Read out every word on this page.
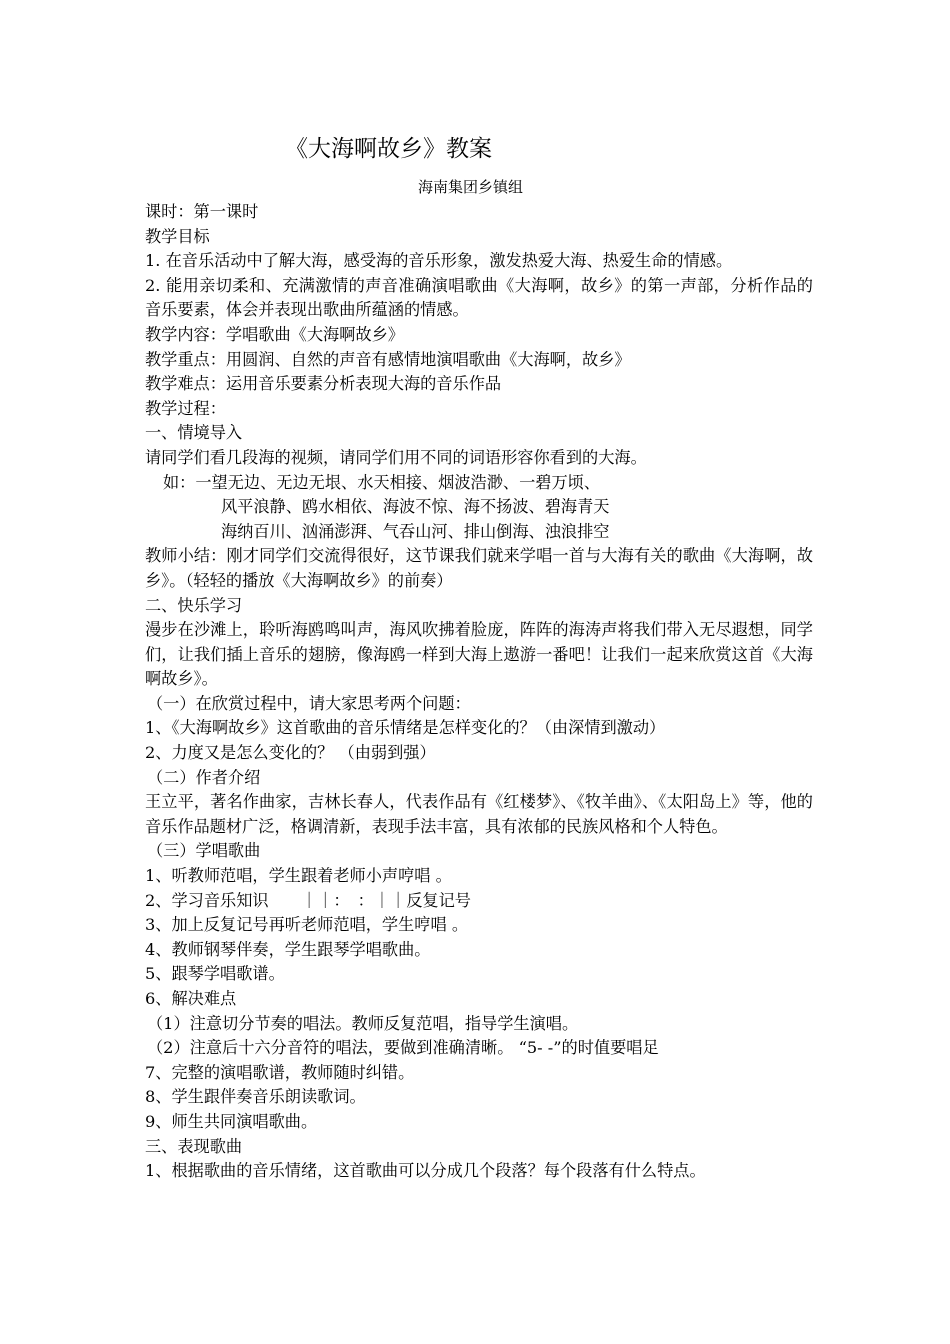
《大海啊故乡》教案
海南集团乡镇组
课时：第一课时
教学目标
1. 在音乐活动中了解大海，感受海的音乐形象，激发热爱大海、热爱生命的情感。
2. 能用亲切柔和、充满激情的声音准确演唱歌曲《大海啊，故乡》的第一声部，分析作品的音乐要素，体会并表现出歌曲所蕴涵的情感。
教学内容：学唱歌曲《大海啊故乡》
教学重点：用圆润、自然的声音有感情地演唱歌曲《大海啊，故乡》
教学难点：运用音乐要素分析表现大海的音乐作品
教学过程：
一、情境导入
请同学们看几段海的视频，请同学们用不同的词语形容你看到的大海。
如：一望无边、无边无垠、水天相接、烟波浩渺、一碧万顷、
风平浪静、鸥水相依、海波不惊、海不扬波、碧海青天
海纳百川、汹涌澎湃、气吞山河、排山倒海、浊浪排空
教师小结：刚才同学们交流得很好，这节课我们就来学唱一首与大海有关的歌曲《大海啊，故乡》。（轻轻的播放《大海啊故乡》的前奏）
二、快乐学习
漫步在沙滩上，聆听海鸥鸣叫声，海风吹拂着脸庞，阵阵的海涛声将我们带入无尽遐想，同学们，让我们插上音乐的翅膀，像海鸥一样到大海上遨游一番吧！让我们一起来欣赏这首《大海啊故乡》。
（一）在欣赏过程中，请大家思考两个问题：
1、《大海啊故乡》这首歌曲的音乐情绪是怎样变化的？（由深情到激动）
2、力度又是怎么变化的？ （由弱到强）
（二）作者介绍
王立平，著名作曲家，吉林长春人，代表作品有《红楼梦》、《牧羊曲》、《太阳岛上》等，他的音乐作品题材广泛，格调清新，表现手法丰富，具有浓郁的民族风格和个人特色。
（三）学唱歌曲
1、听教师范唱，学生跟着老师小声哼唱 。
2、学习音乐知识　　｜｜：　：｜｜反复记号
3、加上反复记号再听老师范唱，学生哼唱 。
4、教师钢琴伴奏，学生跟琴学唱歌曲。
5、跟琴学唱歌谱。
6、解决难点
（1）注意切分节奏的唱法。教师反复范唱，指导学生演唱。
（2）注意后十六分音符的唱法，要做到准确清晰。 “5- -”的时值要唱足
7、完整的演唱歌谱，教师随时纠错。
8、学生跟伴奏音乐朗读歌词。
9、师生共同演唱歌曲。
三、表现歌曲
1、根据歌曲的音乐情绪，这首歌曲可以分成几个段落？每个段落有什么特点。
